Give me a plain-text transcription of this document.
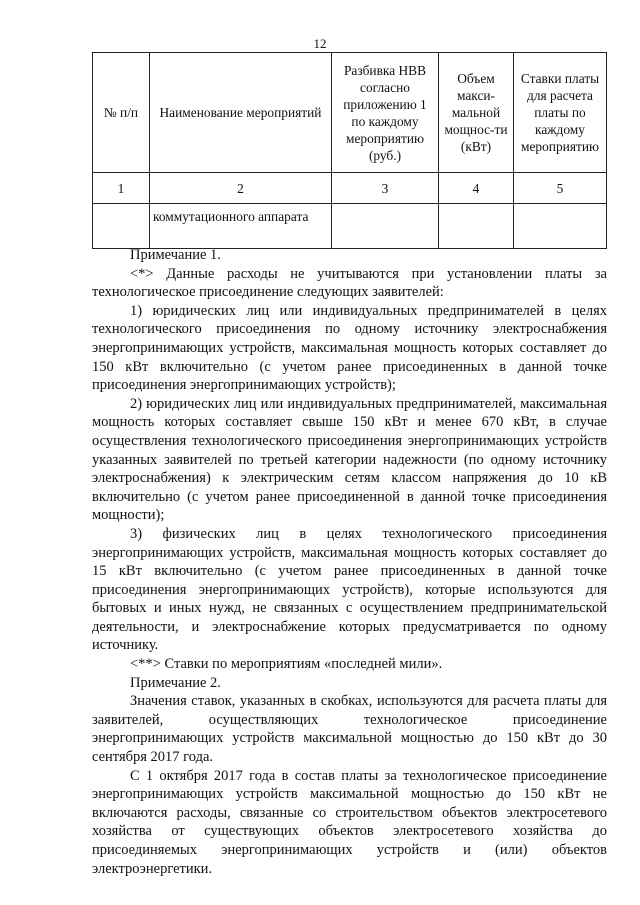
12
№ п/п	Наименование мероприятий	Разбивка НВВ согласно приложению 1 по каждому мероприятию (руб.)	Объем макси-мальной мощнос-ти (кВт)	Ставки платы для расчета платы по каждому мероприятию
1	2	3	4	5
	коммутационного аппарата			

Примечание 1.

<*> Данные расходы не учитываются при установлении платы за технологическое присоединение следующих заявителей:

1) юридических лиц или индивидуальных предпринимателей в целях технологического присоединения по одному источнику электроснабжения энергопринимающих устройств, максимальная мощность которых составляет до 150 кВт включительно (с учетом ранее присоединенных в данной точке присоединения энергопринимающих устройств);

2) юридических лиц или индивидуальных предпринимателей, максимальная мощность которых составляет свыше 150 кВт и менее 670 кВт, в случае осуществления технологического присоединения энергопринимающих устройств указанных заявителей по третьей категории надежности (по одному источнику электроснабжения) к электрическим сетям классом напряжения до 10 кВ включительно (с учетом ранее присоединенной в данной точке присоединения мощности);

3) физических лиц в целях технологического присоединения энергопринимающих устройств, максимальная мощность которых составляет до 15 кВт включительно (с учетом ранее присоединенных в данной точке присоединения энергопринимающих устройств), которые используются для бытовых и иных нужд, не связанных с осуществлением предпринимательской деятельности, и электроснабжение которых предусматривается по одному источнику.

<**> Ставки по мероприятиям «последней мили».

Примечание 2.

Значения ставок, указанных в скобках, используются для расчета платы для заявителей, осуществляющих технологическое присоединение энергопринимающих устройств максимальной мощностью до 150 кВт до 30 сентября 2017 года.

С 1 октября 2017 года в состав платы за технологическое присоединение энергопринимающих устройств максимальной мощностью до 150 кВт не включаются расходы, связанные со строительством объектов электросетевого хозяйства от существующих объектов электросетевого хозяйства до присоединяемых энергопринимающих устройств и (или) объектов электроэнергетики.
